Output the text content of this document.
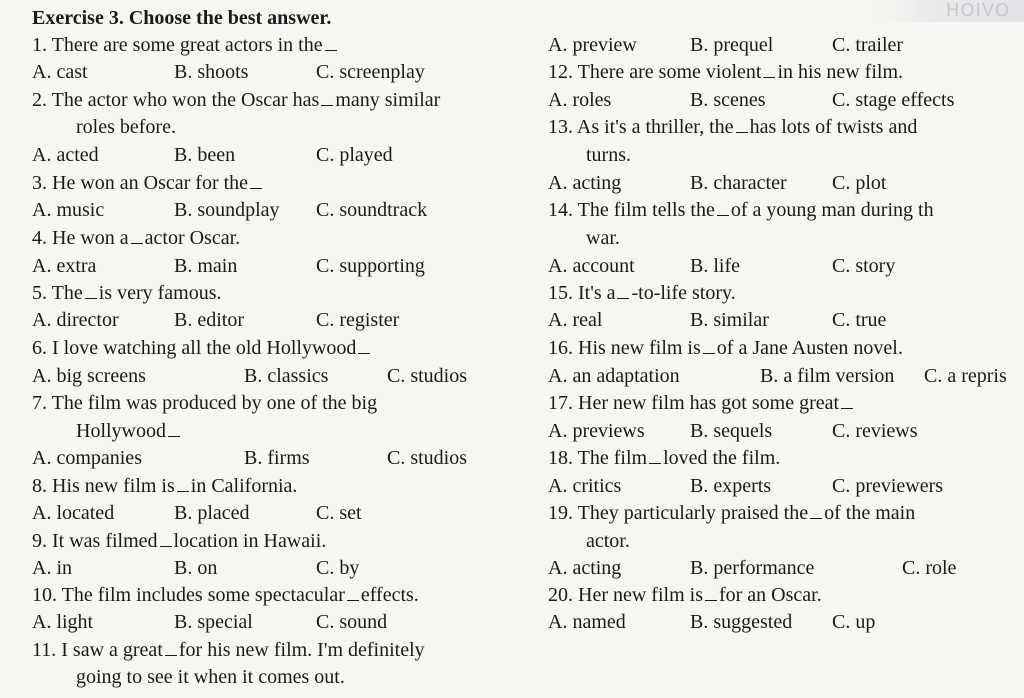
HOIVO
Exercise 3. Choose the best answer.
1. There are some great actors in the
A. cast	B. shoots	C. screenplay
2. The actor who won the Oscar has many similar
roles before.
A. acted	B. been	C. played
3. He won an Oscar for the
A. music	B. soundplay C. soundtrack
4. He won a actor Oscar.
A. extra	B. main	C. supporting
5. The is very famous.
A. director	B. editor	C. register
6. I love watching all the old Hollywood
A. big screens	B. classics	C. studios
7. The film was produced by one of the big
Hollywood
A. companies	B. firms	C. studios
8. His new film is in California.
A. located	B. placed	C. set
9. It was filmed location in Hawaii.
A. in	B. on	C. by
10. The film includes some spectacular effects.
A. light	B. special	C. sound
11. I saw a great for his new film. I'm definitely
going to see it when it comes out.
A. preview	B. prequel	C. trailer
12. There are some violent in his new film.
A. roles	B. scenes	C. stage effects
13. As it's a thriller, the has lots of twists and
turns.
A. acting	B. character C. plot
14. The film tells the of a young man during th
war.
A. account	B. life	C. story
15. It's a -to-life story.
A. real	B. similar	C. true
16. His new film is of a Jane Austen novel.
A. an adaptation	B. a film version C. a repris
17. Her new film has got some great
A. previews B. sequels	C. reviews
18. The film loved the film.
A. critics	B. experts	C. previewers
19. They particularly praised the of the main
actor.
A. acting	B. performance	C. role
20. Her new film is for an Oscar.
A. named	B. suggested C. up
